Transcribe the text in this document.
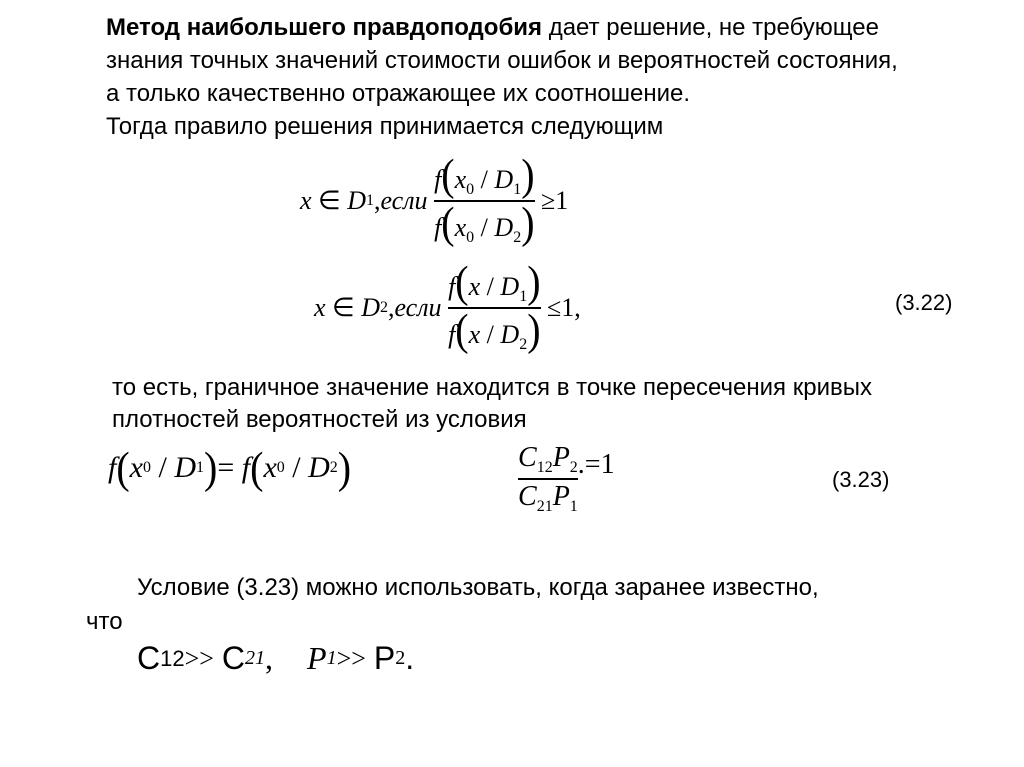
Метод наибольшего правдоподобия дает решение, не требующее
знания точных значений стоимости ошибок и вероятностей состояния,
а только качественно отражающее их соотношение.
Тогда правило решения принимается следующим
x
∈
D 1 , если
$\frac{f(x_0 / D_1)}{f(x_0 / D_2)}$
≥ 1
x
∈
D 2 , если
$\frac{f(x / D_1)}{f(x / D_2)}$
≤ 1 ,	(3.22)
то есть, граничное значение находится в точке пересечения кривых
плотностей вероятностей из условия
f ( x 0
/
D 1 ) =
f ( x 0
/
D 2 )	$\frac{C_{12}P_2}{C_{21}P_1} .=1$	(3.23)
Условие (3.23) можно использовать, когда заранее известно,
что
C 12 >>
C 21 , P 1 >>
P 2 .
